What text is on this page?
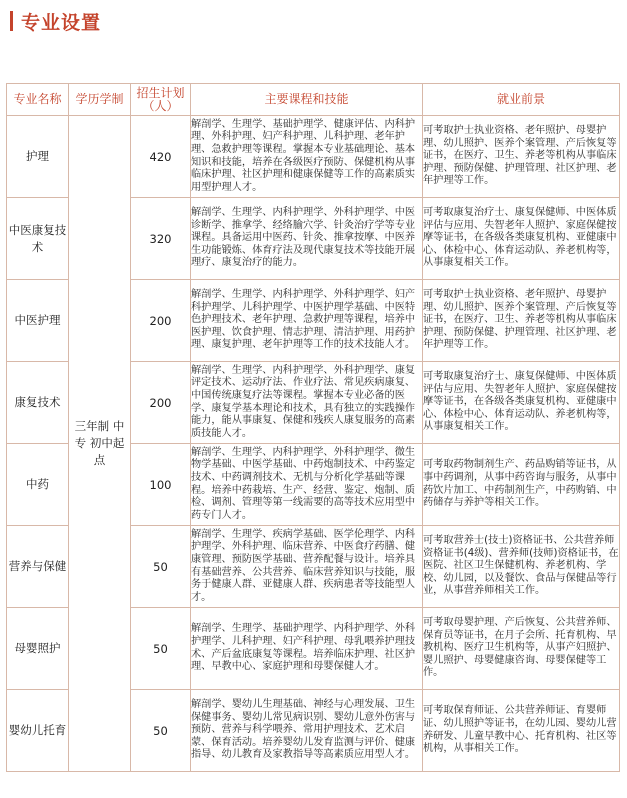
专业设置
专业名称	学历学制	招生计划（人）	主要课程和技能	就业前景
护理	三年制 中专 初中起点	420	解剖学、生理学、基础护理学、健康评估、内科护理、外科护理、妇产科护理、儿科护理、老年护理、急救护理等课程。掌握本专业基础理论、基本知识和技能，培养在各级医疗预防、保健机构从事临床护理、社区护理和健康保健等工作的高素质实用型护理人才。	可考取护士执业资格、老年照护、母婴护理、幼儿照护、医养个案管理、产后恢复等证书，在医疗、卫生、养老等机构从事临床护理、预防保健、护理管理、社区护理、老年护理等工作。
中医康复技术		320	解剖学、生理学、内科护理学、外科护理学、中医诊断学、推拿学、经络腧穴学、针灸治疗学等专业课程。具备运用中医药、针灸、推拿按摩、中医养生功能锻炼、体育疗法及现代康复技术等技能开展理疗、康复治疗的能力。	可考取康复治疗士、康复保健师、中医体质评估与应用、失智老年人照护、家庭保健按摩等证书，在各级各类康复机构、亚健康中心、体检中心、体育运动队、养老机构等，从事康复相关工作。
中医护理		200	解剖学、生理学、内科护理学、外科护理学、妇产科护理学、儿科护理学、中医护理学基础、中医特色护理技术、老年护理、急救护理等课程，培养中医护理、饮食护理、情志护理、清洁护理、用药护理、康复护理、老年护理等工作的技术技能人才。	可考取护士执业资格、老年照护、母婴护理、幼儿照护、医养个案管理、产后恢复等证书，在医疗、卫生、养老等机构从事临床护理、预防保健、护理管理、社区护理、老年护理等工作。
康复技术		200	解剖学、生理学、内科护理学、外科护理学、康复评定技术、运动疗法、作业疗法、常见疾病康复、中国传统康复疗法等课程。掌握本专业必备的医学、康复学基本理论和技术，具有独立的实践操作能力，能从事康复、保健和残疾人康复服务的高素质技能人才。	可考取康复治疗士、康复保健师、中医体质评估与应用、失智老年人照护、家庭保健按摩等证书，在各级各类康复机构、亚健康中心、体检中心、体育运动队、养老机构等，从事康复相关工作。
中药		100	解剖学、生理学、内科护理学、外科护理学、微生物学基础、中医学基础、中药炮制技术、中药鉴定技术、中药调剂技术、无机与分析化学基础等课程。培养中药栽培、生产、经营、鉴定、炮制、质检、调剂、管理等第一线需要的高等技术应用型中药专门人才。	可考取药物制剂生产、药品购销等证书，从事中药调剂，从事中药咨询与服务，从事中药饮片加工、中药制剂生产，中药购销、中药储存与养护等相关工作。
营养与保健		50	解剖学、生理学、疾病学基础、医学伦理学、内科护理学、外科护理、临床营养、中医食疗药膳、健康管理、预防医学基础、营养配餐与设计。培养具有基础营养、公共营养、临床营养知识与技能，服务于健康人群、亚健康人群、疾病患者等技能型人才。	可考取营养士(技士)资格证书、公共营养师资格证书(4级)、营养师(技师)资格证书，在医院、社区卫生保健机构、养老机构、学校、幼儿园，以及餐饮、食品与保健品等行业，从事营养师相关工作。
母婴照护		50	解剖学、生理学、基础护理学、内科护理学、外科护理学、儿科护理、妇产科护理、母乳喂养护理技术、产后盆底康复等课程。培养临床护理、社区护理、早教中心、家庭护理和母婴保健人才。	可考取母婴护理、产后恢复、公共营养师、保育员等证书，在月子会所、托育机构、早教机构、医疗卫生机构等，从事产妇照护、婴儿照护、母婴健康咨询、母婴保健等工作。
婴幼儿托育		50	解剖学、婴幼儿生理基础、神经与心理发展、卫生保健事务、婴幼儿常见病识别、婴幼儿意外伤害与预防、营养与科学喂养、常用护理技术、艺术启蒙、保育活动。培养婴幼儿发育监测与评价、健康指导、幼儿教育及家教指导等高素质应用型人才。	可考取保育师证、公共营养师证、育婴师证、幼儿照护等证书，在幼儿园、婴幼儿营养研发、儿童早教中心、托育机构、社区等机构，从事相关工作。
